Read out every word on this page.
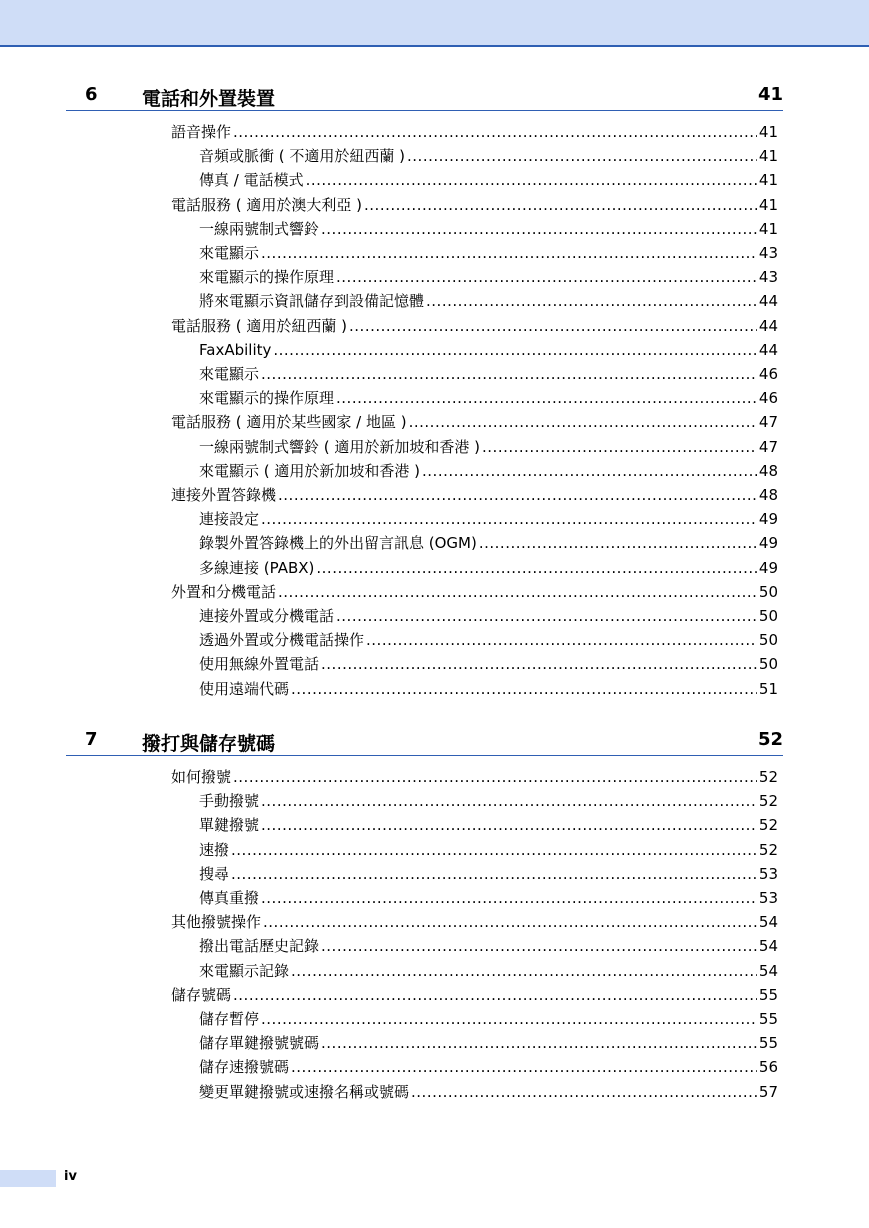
6 電話和外置裝置	41
語音操作 .....	41
音頻或脈衝 ( 不適用於紐西蘭 ) .....	41
傳真 / 電話模式 .....	41
電話服務 ( 適用於澳大利亞 ) .....	41
一線兩號制式響鈴 .....	41
來電顯示 .....	43
來電顯示的操作原理 .....	43
將來電顯示資訊儲存到設備記憶體 .....	44
電話服務 ( 適用於紐西蘭 ) .....	44
FaxAbility .....	44
來電顯示 .....	46
來電顯示的操作原理 .....	46
電話服務 ( 適用於某些國家 / 地區 ) .....	47
一線兩號制式響鈴 ( 適用於新加坡和香港 ) .....	47
來電顯示 ( 適用於新加坡和香港 ) .....	48
連接外置答錄機 .....	48
連接設定 .....	49
錄製外置答錄機上的外出留言訊息 (OGM) .....	49
多線連接 (PABX) .....	49
外置和分機電話 .....	50
連接外置或分機電話 .....	50
透過外置或分機電話操作 .....	50
使用無線外置電話 .....	50
使用遠端代碼 .....	51
7 撥打與儲存號碼	52
如何撥號 .....	52
手動撥號 .....	52
單鍵撥號 .....	52
速撥 .....	52
搜尋 .....	53
傳真重撥 .....	53
其他撥號操作 .....	54
撥出電話歷史記錄 .....	54
來電顯示記錄 .....	54
儲存號碼 .....	55
儲存暫停 .....	55
儲存單鍵撥號號碼 .....	55
儲存速撥號碼 .....	56
變更單鍵撥號或速撥名稱或號碼 .....	57
iv
